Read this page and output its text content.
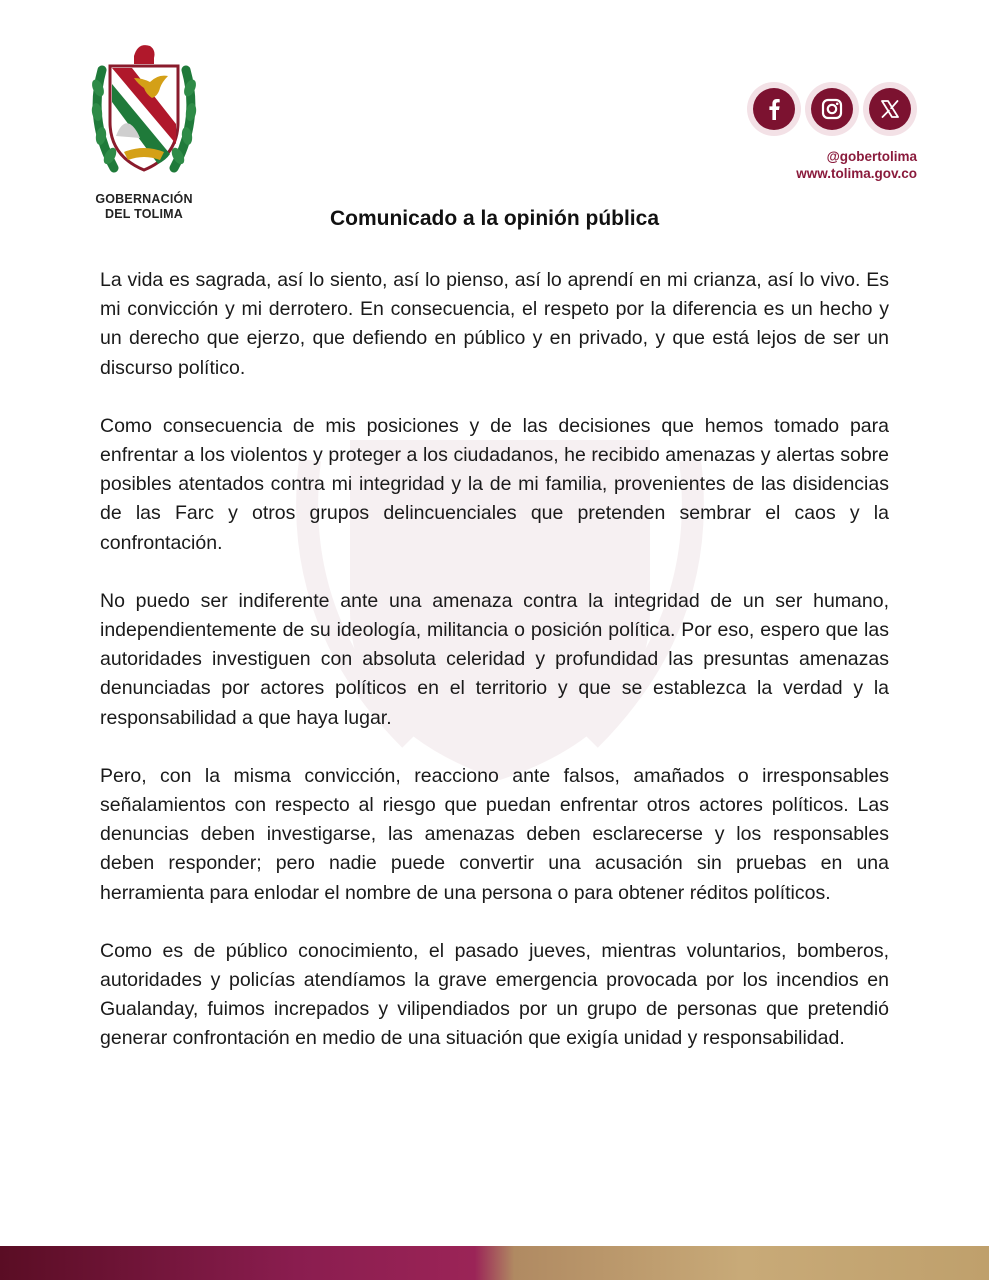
GOBERNACIÓN
DEL TOLIMA
@gobertolima
www.tolima.gov.co
Comunicado a la opinión pública

La vida es sagrada, así lo siento, así lo pienso, así lo aprendí en mi crianza, así lo vivo. Es mi convicción y mi derrotero. En consecuencia, el respeto por la diferencia es un hecho y un derecho que ejerzo, que defiendo en público y en privado, y que está lejos de ser un discurso político.

Como consecuencia de mis posiciones y de las decisiones que hemos tomado para enfrentar a los violentos y proteger a los ciudadanos, he recibido amenazas y alertas sobre posibles atentados contra mi integridad y la de mi familia, provenientes de las disidencias de las Farc y otros grupos delincuenciales que pretenden sembrar el caos y la confrontación.

No puedo ser indiferente ante una amenaza contra la integridad de un ser humano, independientemente de su ideología, militancia o posición política. Por eso, espero que las autoridades investiguen con absoluta celeridad y profundidad las presuntas amenazas denunciadas por actores políticos en el territorio y que se establezca la verdad y la responsabilidad a que haya lugar.

Pero, con la misma convicción, reacciono ante falsos, amañados o irresponsables señalamientos con respecto al riesgo que puedan enfrentar otros actores políticos. Las denuncias deben investigarse, las amenazas deben esclarecerse y los responsables deben responder; pero nadie puede convertir una acusación sin pruebas en una herramienta para enlodar el nombre de una persona o para obtener réditos políticos.

Como es de público conocimiento, el pasado jueves, mientras voluntarios, bomberos, autoridades y policías atendíamos la grave emergencia provocada por los incendios en Gualanday, fuimos increpados y vilipendiados por un grupo de personas que pretendió generar confrontación en medio de una situación que exigía unidad y responsabilidad.
